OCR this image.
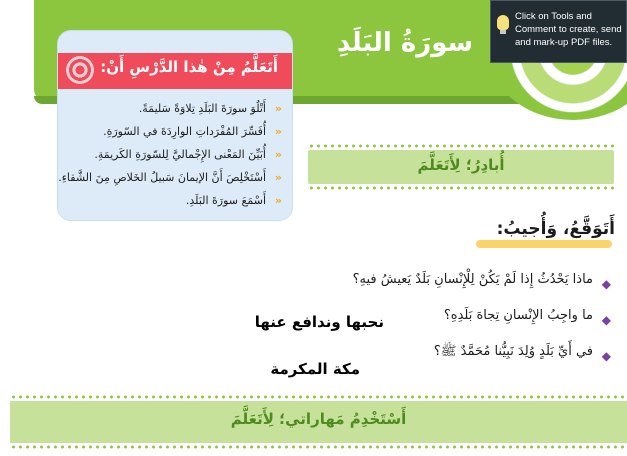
سورَةُ البَلَدِ
Click on Tools and Comment to create, send and mark-up PDF files.
أَتَعَلَّمُ مِنْ هٰذا الدَّرْسِ أَنْ:
«
أَتْلُوَ سورَةَ البَلَدِ تِلاوَةً سَليمَةً.
«
أُفَسِّرَ المُفْرَداتِ الوارِدَةَ في السّورَةِ.
«
أُبَيِّنَ المَعْنى الإِجْماليَّ لِلسّورَةِ الكَريمَةِ.
«
أَسْتَخْلِصَ أَنَّ الإيمانَ سَبيلُ الخَلاصِ مِنَ الشَّقاءِ.
«
أَسْمَعَ سورَةَ البَلَدِ.
أُبادِرُ؛ لِأَتَعَلَّمَ
أَتَوَقَّعُ، وَأُجيبُ:
◆
ماذا يَحْدُثُ إِذا لَمْ يَكُنْ لِلْإِنْسانِ بَلَدٌ يَعيشُ فيهِ؟
◆
ما واجِبُ الإِنْسانِ تِجاهَ بَلَدِهِ؟
◆
في أَيِّ بَلَدٍ وُلِدَ نَبِيُّنا مُحَمَّدٌ ﷺ؟
نحبها وندافع عنها
مكة المكرمة
أَسْتَخْدِمُ مَهاراتي؛ لِأَتَعَلَّمَ
